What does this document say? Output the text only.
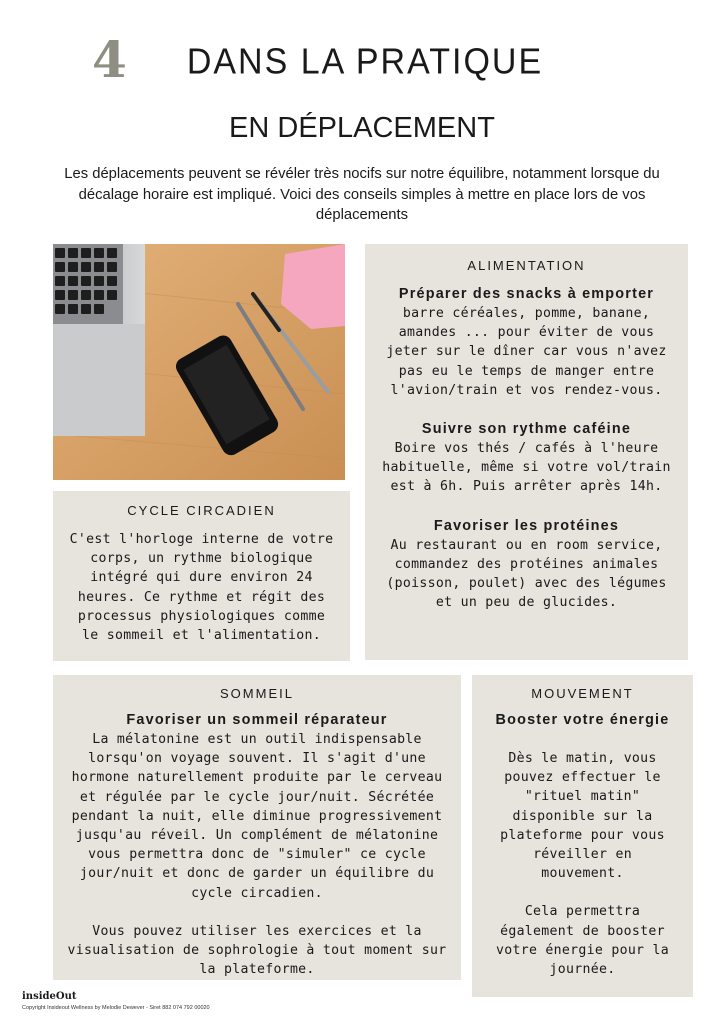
4 DANS LA PRATIQUE
EN DÉPLACEMENT
Les déplacements peuvent se révéler très nocifs sur notre équilibre, notamment lorsque du décalage horaire est impliqué. Voici des conseils simples à mettre en place lors de vos déplacements
ALIMENTATION

Préparer des snacks à emporter

barre céréales, pomme, banane, amandes ... pour éviter de vous jeter sur le dîner car vous n'avez pas eu le temps de manger entre l'avion/train et vos rendez-vous.

Suivre son rythme caféine

Boire vos thés / cafés à l'heure habituelle, même si votre vol/train est à 6h. Puis arrêter après 14h.

Favoriser les protéines

Au restaurant ou en room service, commandez des protéines animales (poisson, poulet) avec des légumes et un peu de glucides.

CYCLE CIRCADIEN

C'est l'horloge interne de votre corps, un rythme biologique intégré qui dure environ 24 heures. Ce rythme et régit des processus physiologiques comme le sommeil et l'alimentation.

SOMMEIL

Favoriser un sommeil réparateur

La mélatonine est un outil indispensable lorsqu'on voyage souvent. Il s'agit d'une hormone naturellement produite par le cerveau et régulée par le cycle jour/nuit. Sécrétée pendant la nuit, elle diminue progressivement jusqu'au réveil. Un complément de mélatonine vous permettra donc de "simuler" ce cycle jour/nuit et donc de garder un équilibre du cycle circadien.

Vous pouvez utiliser les exercices et la visualisation de sophrologie à tout moment sur la plateforme.

MOUVEMENT

Booster votre énergie

Dès le matin, vous pouvez effectuer le "rituel matin" disponible sur la plateforme pour vous réveiller en mouvement.

Cela permettra également de booster votre énergie pour la journée.

insideOut
Copyright Insideout Wellness by Melodie Dewever - Siret 882 074 792 00020
